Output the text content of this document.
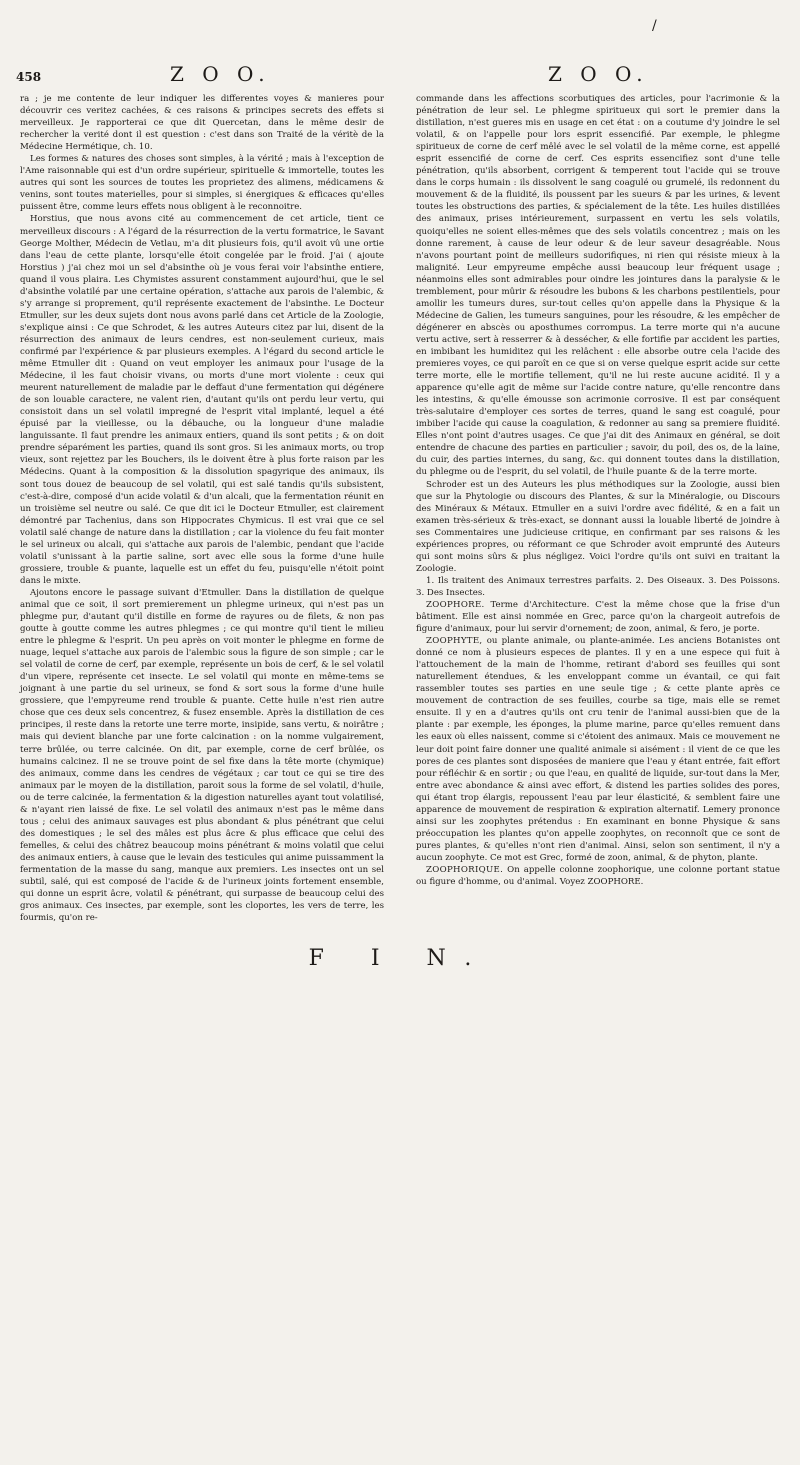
/
458	Z O O.	Z O O.

ra ; je me contente de leur indiquer les differentes voyes & manieres pour découvrir ces veritez cachées, & ces raisons & principes secrets des effets si merveilleux. Je rapporterai ce que dit Quercetan, dans le même desir de rechercher la verité dont il est question : c'est dans son Traité de la véritè de la Médecine Hermétique, ch. 10.

Les formes & natures des choses sont simples, à la vérité ; mais à l'exception de l'Ame raisonnable qui est d'un ordre supérieur, spirituelle & immortelle, toutes les autres qui sont les sources de toutes les proprietez des alimens, médicamens & venins, sont toutes materielles, pour si simples, si énergiques & efficaces qu'elles puissent être, comme leurs effets nous obligent à le reconnoitre.

Horstius, que nous avons cité au commencement de cet article, tient ce merveilleux discours : A l'égard de la résurrection de la vertu formatrice, le Savant George Molther, Médecin de Vetlau, m'a dit plusieurs fois, qu'il avoit vû une ortie dans l'eau de cette plante, lorsqu'elle étoit congelée par le froid. J'ai ( ajoute Horstius ) j'ai chez moi un sel d'absinthe où je vous ferai voir l'absinthe entiere, quand il vous plaira. Les Chymistes assurent constamment aujourd'hui, que le sel d'absinthe volatilé par une certaine opération, s'attache aux parois de l'alembic, & s'y arrange si proprement, qu'il représente exactement de l'absinthe. Le Docteur Etmuller, sur les deux sujets dont nous avons parlé dans cet Article de la Zoologie, s'explique ainsi : Ce que Schrodet, & les autres Auteurs citez par lui, disent de la résurrection des animaux de leurs cendres, est non-seulement curieux, mais confirmé par l'expérience & par plusieurs exemples. A l'égard du second article le même Etmuller dit : Quand on veut employer les animaux pour l'usage de la Médecine, il les faut choisir vivans, ou morts d'une mort violente : ceux qui meurent naturellement de maladie par le deffaut d'une fermentation qui dégénere de son louable caractere, ne valent rien, d'autant qu'ils ont perdu leur vertu, qui consistoit dans un sel volatil impregné de l'esprit vital implanté, lequel a été épuisé par la vieillesse, ou la débauche, ou la longueur d'une maladie languissante. Il faut prendre les animaux entiers, quand ils sont petits ; & on doit prendre séparément les parties, quand ils sont gros. Si les animaux morts, ou trop vieux, sont rejettez par les Bouchers, ils le doivent être à plus forte raison par les Médecins. Quant à la composition & la dissolution spagyrique des animaux, ils sont tous douez de beaucoup de sel volatil, qui est salé tandis qu'ils subsistent, c'est-à-dire, composé d'un acide volatil & d'un alcali, que la fermentation réunit en un troisième sel neutre ou salé. Ce que dit ici le Docteur Etmuller, est clairement démontré par Tachenius, dans son Hippocrates Chymicus. Il est vrai que ce sel volatil salé change de nature dans la distillation ; car la violence du feu fait monter le sel urineux ou alcali, qui s'attache aux parois de l'alembic, pendant que l'acide volatil s'unissant à la partie saline, sort avec elle sous la forme d'une huile grossiere, trouble & puante, laquelle est un effet du feu, puisqu'elle n'étoit point dans le mixte.

Ajoutons encore le passage suivant d'Etmuller. Dans la distillation de quelque animal que ce soit, il sort premierement un phlegme urineux, qui n'est pas un phlegme pur, d'autant qu'il distille en forme de rayures ou de filets, & non pas goutte à goutte comme les autres phlegmes ; ce qui montre qu'il tient le milieu entre le phlegme & l'esprit. Un peu après on voit monter le phlegme en forme de nuage, lequel s'attache aux parois de l'alembic sous la figure de son simple ; car le sel volatil de corne de cerf, par exemple, représente un bois de cerf, & le sel volatil d'un vipere, représente cet insecte. Le sel volatil qui monte en même-tems se joignant à une partie du sel urineux, se fond & sort sous la forme d'une huile grossiere, que l'empyreume rend trouble & puante. Cette huile n'est rien autre chose que ces deux sels concentrez, & fusez ensemble. Après la distillation de ces principes, il reste dans la retorte une terre morte, insipide, sans vertu, & noirâtre ; mais qui devient blanche par une forte calcination : on la nomme vulgairement, terre brûlée, ou terre calcinée. On dit, par exemple, corne de cerf brûlée, os humains calcinez. Il ne se trouve point de sel fixe dans la tête morte (chymique) des animaux, comme dans les cendres de végétaux ; car tout ce qui se tire des animaux par le moyen de la distillation, paroit sous la forme de sel volatil, d'huile, ou de terre calcinée, la fermentation & la digestion naturelles ayant tout volatilisé, & n'ayant rien laissé de fixe. Le sel volatil des animaux n'est pas le même dans tous ; celui des animaux sauvages est plus abondant & plus pénétrant que celui des domestiques ; le sel des mâles est plus âcre & plus efficace que celui des femelles, & celui des châtrez beaucoup moins pénétrant & moins volatil que celui des animaux entiers, à cause que le levain des testicules qui anime puissamment la fermentation de la masse du sang, manque aux premiers. Les insectes ont un sel subtil, salé, qui est composé de l'acide & de l'urineux joints fortement ensemble, qui donne un esprit âcre, volatil & pénétrant, qui surpasse de beaucoup celui des gros animaux. Ces insectes, par exemple, sont les cloportes, les vers de terre, les fourmis, qu'on re-

commande dans les affections scorbutiques des articles, pour l'acrimonie & la pénétration de leur sel. Le phlegme spiritueux qui sort le premier dans la distillation, n'est gueres mis en usage en cet état : on a coutume d'y joindre le sel volatil, & on l'appelle pour lors esprit essencifié. Par exemple, le phlegme spiritueux de corne de cerf mêlé avec le sel volatil de la même corne, est appellé esprit essencifié de corne de cerf. Ces esprits essencifiez sont d'une telle pénétration, qu'ils absorbent, corrigent & temperent tout l'acide qui se trouve dans le corps humain : ils dissolvent le sang coagulé ou grumelé, ils redonnent du mouvement & de la fluidité, ils poussent par les sueurs & par les urines, & levent toutes les obstructions des parties, & spécialement de la tête. Les huiles distillées des animaux, prises intérieurement, surpassent en vertu les sels volatils, quoiqu'elles ne soient elles-mêmes que des sels volatils concentrez ; mais on les donne rarement, à cause de leur odeur & de leur saveur desagréable. Nous n'avons pourtant point de meilleurs sudorifiques, ni rien qui résiste mieux à la malignité. Leur empyreume empêche aussi beaucoup leur fréquent usage ; néanmoins elles sont admirables pour oindre les jointures dans la paralysie & le tremblement, pour mûrir & résoudre les bubons & les charbons pestilentiels, pour amollir les tumeurs dures, sur-tout celles qu'on appelle dans la Physique & la Médecine de Galien, les tumeurs sanguines, pour les résoudre, & les empêcher de dégénerer en abscès ou aposthumes corrompus. La terre morte qui n'a aucune vertu active, sert à resserrer & à dessécher, & elle fortifie par accident les parties, en imbibant les humiditez qui les relâchent : elle absorbe outre cela l'acide des premieres voyes, ce qui paroît en ce que si on verse quelque esprit acide sur cette terre morte, elle le mortifie tellement, qu'il ne lui reste aucune acidité. Il y a apparence qu'elle agit de même sur l'acide contre nature, qu'elle rencontre dans les intestins, & qu'elle émousse son acrimonie corrosive. Il est par conséquent très-salutaire d'employer ces sortes de terres, quand le sang est coagulé, pour imbiber l'acide qui cause la coagulation, & redonner au sang sa premiere fluidité. Elles n'ont point d'autres usages. Ce que j'ai dit des Animaux en général, se doit entendre de chacune des parties en particulier ; savoir, du poil, des os, de la laine, du cuir, des parties internes, du sang, &c. qui donnent toutes dans la distillation, du phlegme ou de l'esprit, du sel volatil, de l'huile puante & de la terre morte.

Schroder est un des Auteurs les plus méthodiques sur la Zoologie, aussi bien que sur la Phytologie ou discours des Plantes, & sur la Minéralogie, ou Discours des Minéraux & Métaux. Etmuller en a suivi l'ordre avec fidélité, & en a fait un examen très-sérieux & très-exact, se donnant aussi la louable liberté de joindre à ses Commentaires une judicieuse critique, en confirmant par ses raisons & les expériences propres, ou réformant ce que Schroder avoit emprunté des Auteurs qui sont moins sûrs & plus négligez. Voici l'ordre qu'ils ont suivi en traitant la Zoologie.

1. Ils traitent des Animaux terrestres parfaits. 2. Des Oiseaux. 3. Des Poissons. 3. Des Insectes.

ZOOPHORE. Terme d'Architecture. C'est la même chose que la frise d'un bâtiment. Elle est ainsi nommée en Grec, parce qu'on la chargeoit autrefois de figure d'animaux, pour lui servir d'ornement; de zoon, animal, & fero, je porte.

ZOOPHYTE, ou plante animale, ou plante-animée. Les anciens Botanistes ont donné ce nom à plusieurs especes de plantes. Il y en a une espece qui fuit à l'attouchement de la main de l'homme, retirant d'abord ses feuilles qui sont naturellement étendues, & les enveloppant comme un évantail, ce qui fait rassembler toutes ses parties en une seule tige ; & cette plante après ce mouvement de contraction de ses feuilles, courbe sa tige, mais elle se remet ensuite. Il y en a d'autres qu'ils ont cru tenir de l'animal aussi-bien que de la plante : par exemple, les éponges, la plume marine, parce qu'elles remuent dans les eaux où elles naissent, comme si c'étoient des animaux. Mais ce mouvement ne leur doit point faire donner une qualité animale si aisément : il vient de ce que les pores de ces plantes sont disposées de maniere que l'eau y étant entrée, fait effort pour réfléchir & en sortir ; ou que l'eau, en qualité de liquide, sur-tout dans la Mer, entre avec abondance & ainsi avec effort, & distend les parties solides des pores, qui étant trop élargis, repoussent l'eau par leur élasticité, & semblent faire une apparence de mouvement de respiration & expiration alternatif. Lemery prononce ainsi sur les zoophytes prétendus : En examinant en bonne Physique & sans préoccupation les plantes qu'on appelle zoophytes, on reconnoît que ce sont de pures plantes, & qu'elles n'ont rien d'animal. Ainsi, selon son sentiment, il n'y a aucun zoophyte. Ce mot est Grec, formé de zoon, animal, & de phyton, plante.

ZOOPHORIQUE. On appelle colonne zoophorique, une colonne portant statue ou figure d'homme, ou d'animal. Voyez ZOOPHORE.

F I N.
